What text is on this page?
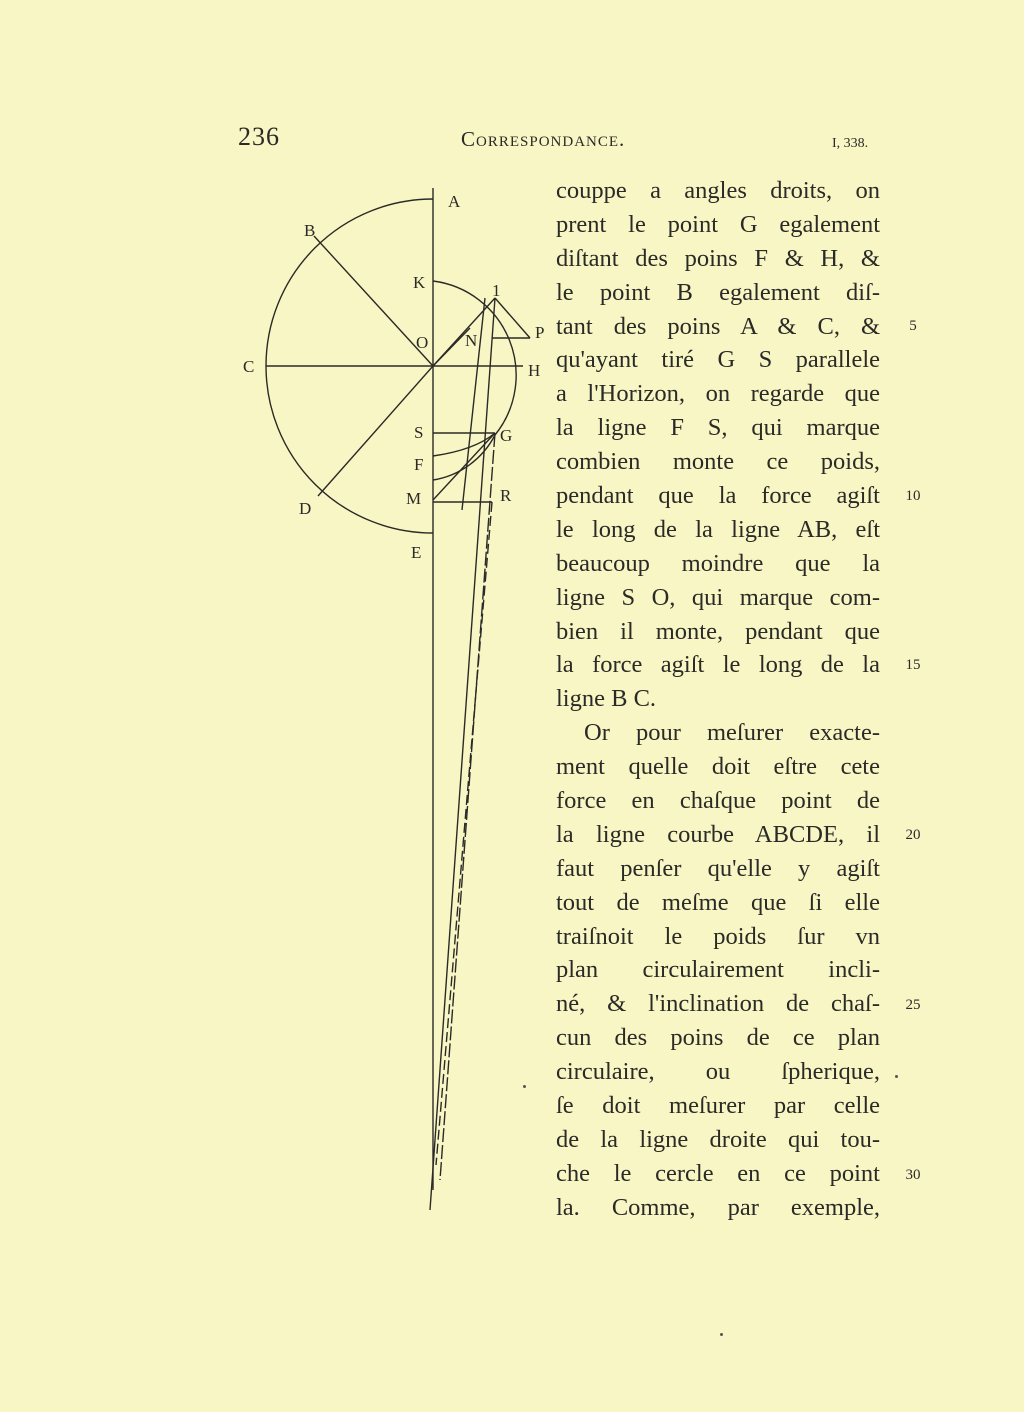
236	Correspondance.	I, 338.
A
B
K	1
O N	P
C	H
S	G
F
M	R
D
E
couppe a angles droits, on
prent le point G egalement
diſtant des poins F & H, &
le point B egalement diſ-
tant des poins A & C, &
qu'ayant tiré G S parallele
a l'Horizon, on regarde que
la ligne F S, qui marque
combien monte ce poids,
pendant que la force agiſt
le long de la ligne AB, eſt
beaucoup moindre que la
ligne S O, qui marque com-
bien il monte, pendant que
la force agiſt le long de la
ligne B C.
Or pour meſurer exacte-
ment quelle doit eſtre cete
force en chaſque point de
la ligne courbe ABCDE, il
faut penſer qu'elle y agiſt
tout de meſme que ſi elle
traiſnoit le poids ſur vn
plan circulairement incli-
né, & l'inclination de chaſ-
cun des poins de ce plan
circulaire, ou ſpherique,
ſe doit meſurer par celle
de la ligne droite qui tou-
che le cercle en ce point
la. Comme, par exemple,
5
10
15
20
25
30
